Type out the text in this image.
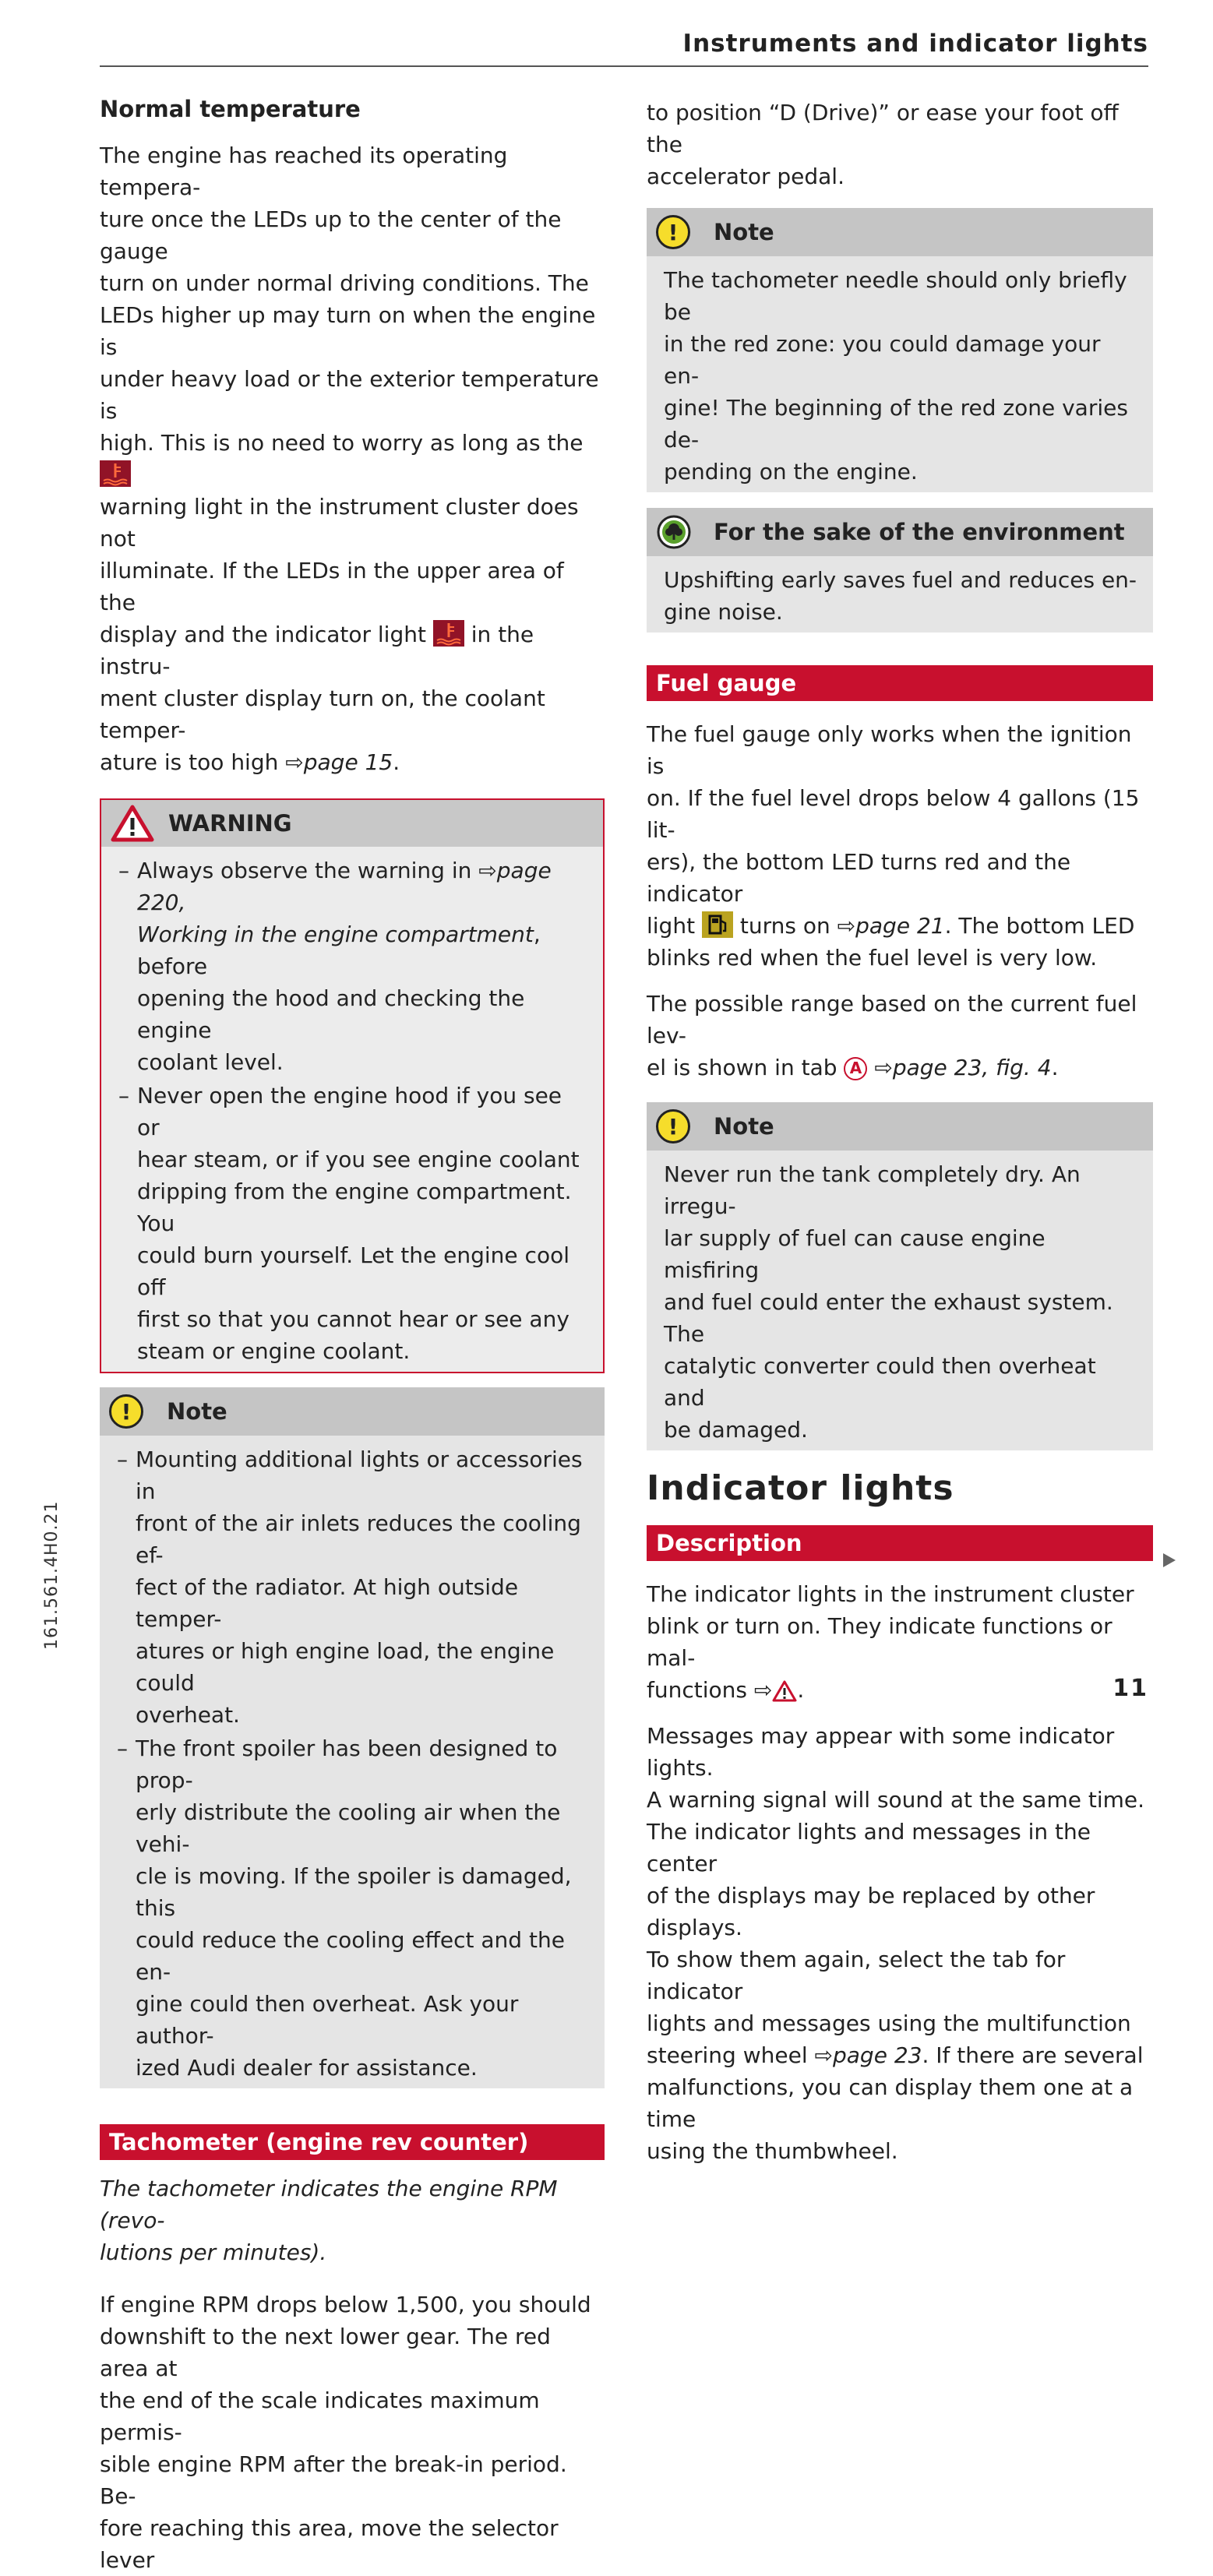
Instruments and indicator lights
Normal temperature

The engine has reached its operating tempera-

ture once the LEDs up to the center of the gauge

turn on under normal driving conditions. The

LEDs higher up may turn on when the engine is

under heavy load or the exterior temperature is

high. This is no need to worry as long as the

warning light in the instrument cluster does not

illuminate. If the LEDs in the upper area of the

display and the indicator light in the instru-

ment cluster display turn on, the coolant temper-

ature is too high ⇨page 15.

WARNING
– Always observe the warning in ⇨page 220,
Working in the engine compartment, before
opening the hood and checking the engine
coolant level.
– Never open the engine hood if you see or
hear steam, or if you see engine coolant
dripping from the engine compartment. You
could burn yourself. Let the engine cool off
first so that you cannot hear or see any
steam or engine coolant.
!	Note
– Mounting additional lights or accessories in
front of the air inlets reduces the cooling ef-
fect of the radiator. At high outside temper-
atures or high engine load, the engine could
overheat.
– The front spoiler has been designed to prop-
erly distribute the cooling air when the vehi-
cle is moving. If the spoiler is damaged, this
could reduce the cooling effect and the en-
gine could then overheat. Ask your author-
ized Audi dealer for assistance.
Tachometer (engine rev counter)

The tachometer indicates the engine RPM (revo-

lutions per minutes).

If engine RPM drops below 1,500, you should

downshift to the next lower gear. The red area at

the end of the scale indicates maximum permis-

sible engine RPM after the break-in period. Be-

fore reaching this area, move the selector lever

to position “D (Drive)” or ease your foot off the

accelerator pedal.

!	Note

The tachometer needle should only briefly be

in the red zone: you could damage your en-

gine! The beginning of the red zone varies de-

pending on the engine.

For the sake of the environment

Upshifting early saves fuel and reduces en-

gine noise.

Fuel gauge

The fuel gauge only works when the ignition is

on. If the fuel level drops below 4 gallons (15 lit-

ers), the bottom LED turns red and the indicator

light turns on ⇨page 21. The bottom LED

blinks red when the fuel level is very low.

The possible range based on the current fuel lev-

el is shown in tab A ⇨page 23, fig. 4.

!	Note

Never run the tank completely dry. An irregu-

lar supply of fuel can cause engine misfiring

and fuel could enter the exhaust system. The

catalytic converter could then overheat and

be damaged.

Indicator lights
Description

The indicator lights in the instrument cluster

blink or turn on. They indicate functions or mal-

functions ⇨ .

Messages may appear with some indicator lights.

A warning signal will sound at the same time.

The indicator lights and messages in the center

of the displays may be replaced by other displays.

To show them again, select the tab for indicator

lights and messages using the multifunction

steering wheel ⇨page 23. If there are several

malfunctions, you can display them one at a time

using the thumbwheel.

161.561.4H0.21
11
